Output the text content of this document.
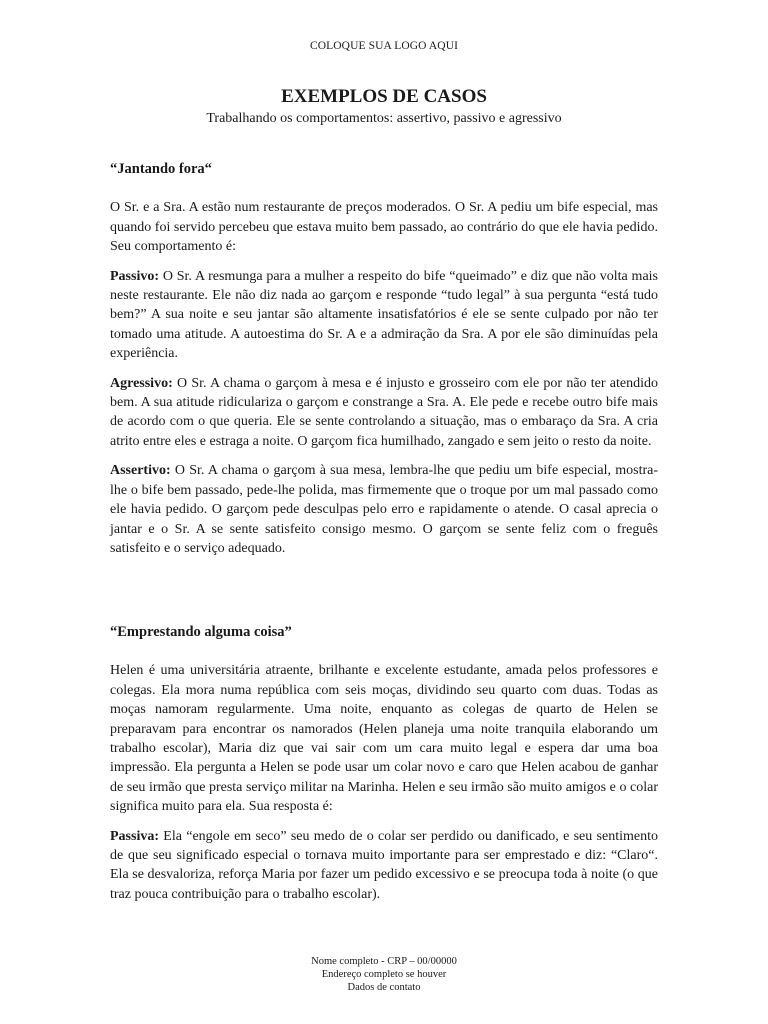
COLOQUE SUA LOGO AQUI
EXEMPLOS DE CASOS
Trabalhando os comportamentos: assertivo, passivo e agressivo

“Jantando fora“

O Sr. e a Sra. A estão num restaurante de preços moderados. O Sr. A pediu um bife especial, mas quando foi servido percebeu que estava muito bem passado, ao contrário do que ele havia pedido. Seu comportamento é:

Passivo: O Sr. A resmunga para a mulher a respeito do bife “queimado” e diz que não volta mais neste restaurante. Ele não diz nada ao garçom e responde “tudo legal” à sua pergunta “está tudo bem?” A sua noite e seu jantar são altamente insatisfatórios é ele se sente culpado por não ter tomado uma atitude. A autoestima do Sr. A e a admiração da Sra. A por ele são diminuídas pela experiência.

Agressivo: O Sr. A chama o garçom à mesa e é injusto e grosseiro com ele por não ter atendido bem. A sua atitude ridiculariza o garçom e constrange a Sra. A. Ele pede e recebe outro bife mais de acordo com o que queria. Ele se sente controlando a situação, mas o embaraço da Sra. A cria atrito entre eles e estraga a noite. O garçom fica humilhado, zangado e sem jeito o resto da noite.

Assertivo: O Sr. A chama o garçom à sua mesa, lembra-lhe que pediu um bife especial, mostra-lhe o bife bem passado, pede-lhe polida, mas firmemente que o troque por um mal passado como ele havia pedido. O garçom pede desculpas pelo erro e rapidamente o atende. O casal aprecia o jantar e o Sr. A se sente satisfeito consigo mesmo. O garçom se sente feliz com o freguês satisfeito e o serviço adequado.

“Emprestando alguma coisa”

Helen é uma universitária atraente, brilhante e excelente estudante, amada pelos professores e colegas. Ela mora numa república com seis moças, dividindo seu quarto com duas. Todas as moças namoram regularmente. Uma noite, enquanto as colegas de quarto de Helen se preparavam para encontrar os namorados (Helen planeja uma noite tranquila elaborando um trabalho escolar), Maria diz que vai sair com um cara muito legal e espera dar uma boa impressão. Ela pergunta a Helen se pode usar um colar novo e caro que Helen acabou de ganhar de seu irmão que presta serviço militar na Marinha. Helen e seu irmão são muito amigos e o colar significa muito para ela. Sua resposta é:

Passiva: Ela “engole em seco” seu medo de o colar ser perdido ou danificado, e seu sentimento de que seu significado especial o tornava muito importante para ser emprestado e diz: “Claro“. Ela se desvaloriza, reforça Maria por fazer um pedido excessivo e se preocupa toda à noite (o que traz pouca contribuição para o trabalho escolar).

Nome completo - CRP – 00/00000
Endereço completo se houver
Dados de contato
